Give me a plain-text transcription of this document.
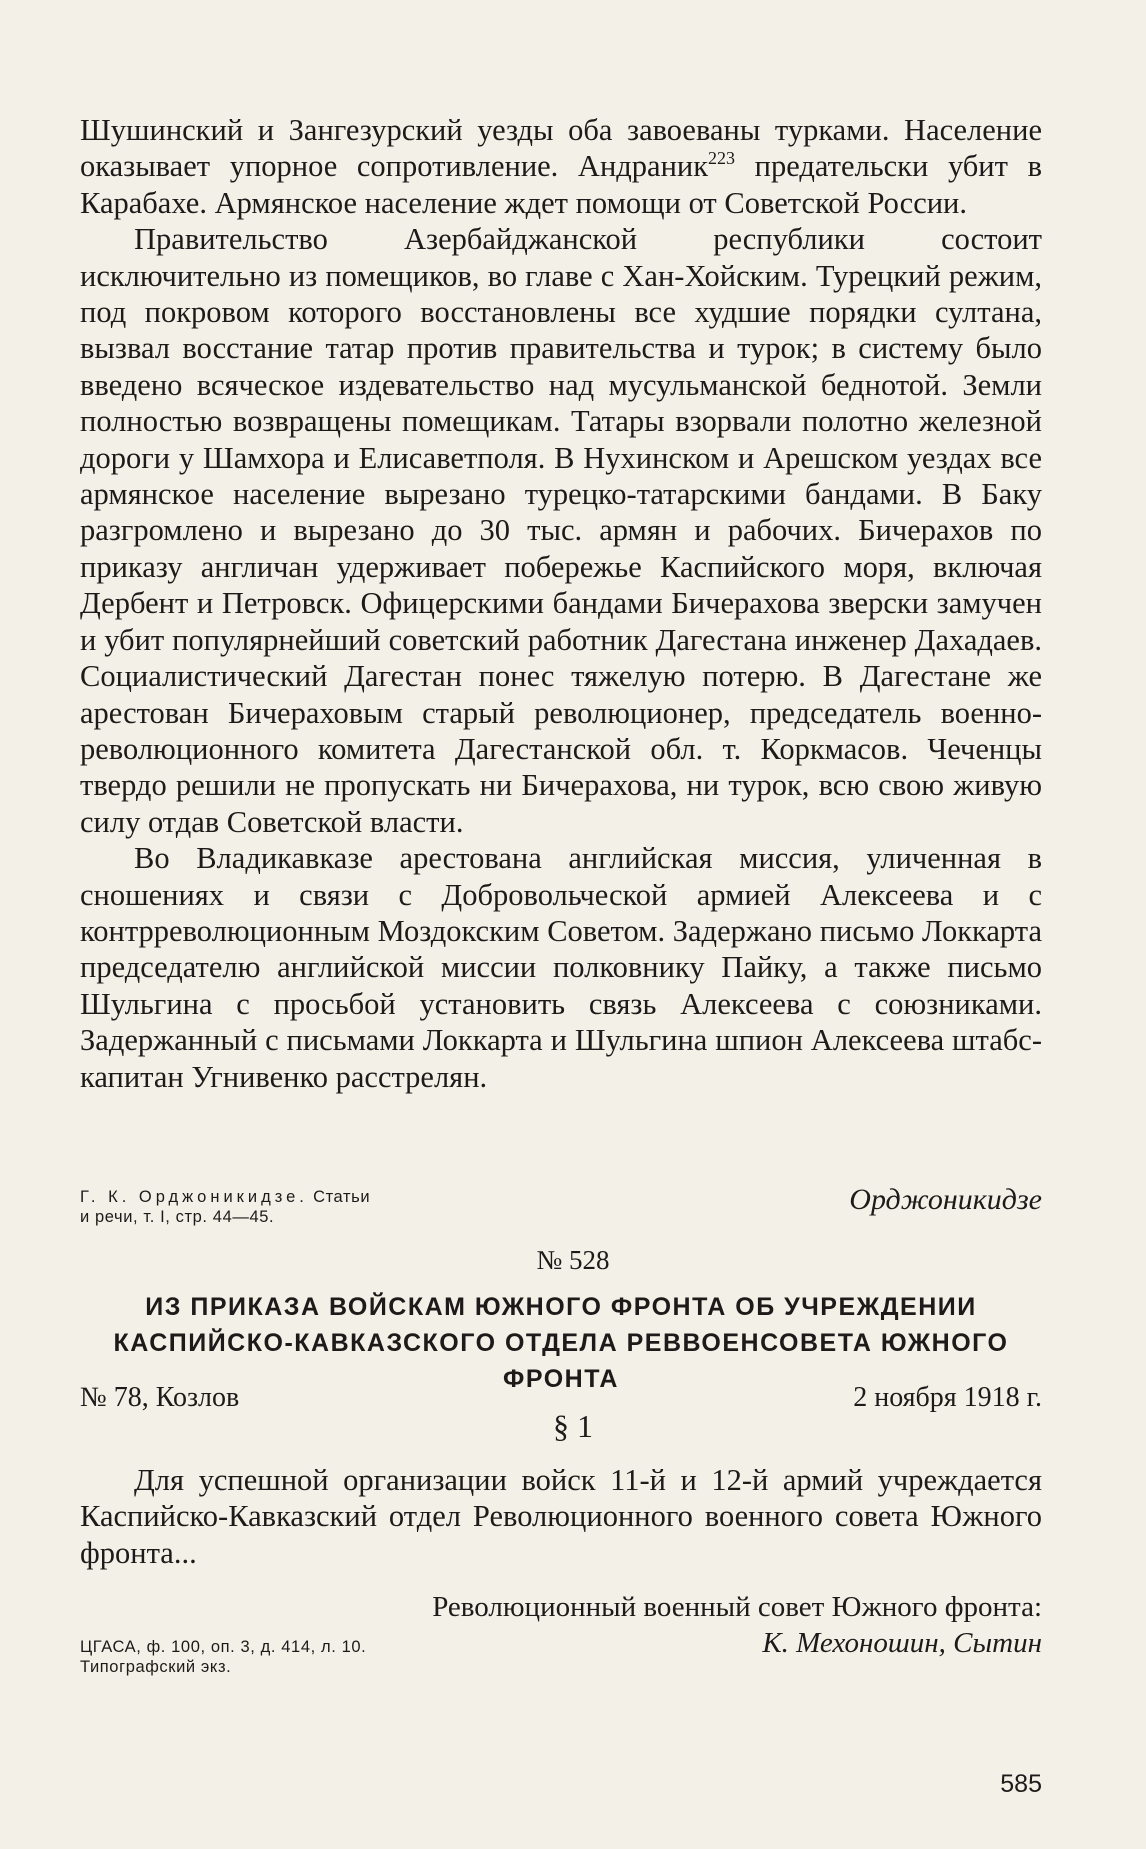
Шушинский и Зангезурский уезды оба завоеваны турками. Население оказывает упорное сопротивление. Андраник$^{223}$ предательски убит в Карабахе. Армянское население ждет помощи от Советской России.

Правительство Азербайджанской республики состоит исключительно из помещиков, во главе с Хан-Хойским. Турецкий режим, под покровом которого восстановлены все худшие порядки султана, вызвал восстание татар против правительства и турок; в систему было введено всяческое издевательство над мусульманской беднотой. Земли полностью возвращены помещикам. Татары взорвали полотно железной дороги у Шамхора и Елисаветполя. В Нухинском и Арешском уездах все армянское население вырезано турецко-татарскими бандами. В Баку разгромлено и вырезано до 30 тыс. армян и рабочих. Бичерахов по приказу англичан удерживает побережье Каспийского моря, включая Дербент и Петровск. Офицерскими бандами Бичерахова зверски замучен и убит популярнейший советский работник Дагестана инженер Дахадаев. Социалистический Дагестан понес тяжелую потерю. В Дагестане же арестован Бичераховым старый революционер, председатель военно-революционного комитета Дагестанской обл. т. Коркмасов. Чеченцы твердо решили не пропускать ни Бичерахова, ни турок, всю свою живую силу отдав Советской власти.

Во Владикавказе арестована английская миссия, уличенная в сношениях и связи с Добровольческой армией Алексеева и с контрреволюционным Моздокским Советом. Задержано письмо Локкарта председателю английской миссии полковнику Пайку, а также письмо Шульгина с просьбой установить связь Алексеева с союзниками. Задержанный с письмами Локкарта и Шульгина шпион Алексеева штабс-капитан Угнивенко расстрелян.

Орджоникидзе
Г. К. Орджоникидзе. Статьи
и речи, т. I, стр. 44—45.
№ 528
ИЗ ПРИКАЗА ВОЙСКАМ ЮЖНОГО ФРОНТА ОБ УЧРЕЖДЕНИИ КАСПИЙСКО-КАВКАЗСКОГО ОТДЕЛА РЕВВОЕНСОВЕТА ЮЖНОГО ФРОНТА
№ 78, Козлов	2 ноября 1918 г.
§ 1

Для успешной организации войск 11-й и 12-й армий учреждается Каспийско-Кавказский отдел Революционного военного совета Южного фронта...

Революционный военный совет Южного фронта:
К. Мехоношин, Сытин
ЦГАСА, ф. 100, оп. 3, д. 414, л. 10.
Типографский экз.
585
